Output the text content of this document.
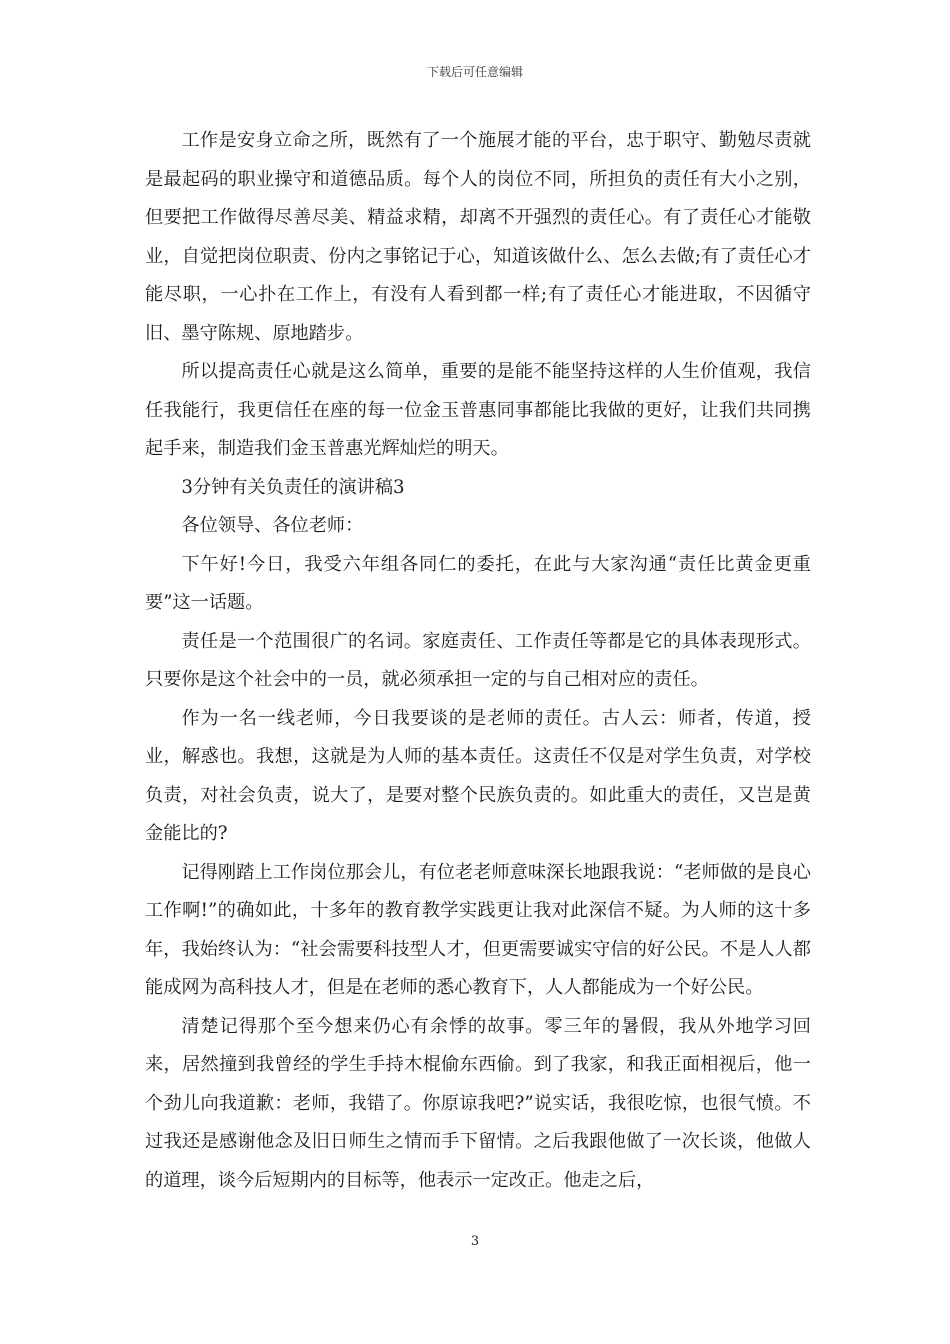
下载后可任意编辑

工作是安身立命之所，既然有了一个施展才能的平台，忠于职守、勤勉尽责就是最起码的职业操守和道德品质。每个人的岗位不同，所担负的责任有大小之别，但要把工作做得尽善尽美、精益求精，却离不开强烈的责任心。有了责任心才能敬业，自觉把岗位职责、份内之事铭记于心，知道该做什么、怎么去做;有了责任心才能尽职，一心扑在工作上，有没有人看到都一样;有了责任心才能进取，不因循守旧、墨守陈规、原地踏步。

所以提高责任心就是这么简单，重要的是能不能坚持这样的人生价值观，我信任我能行，我更信任在座的每一位金玉普惠同事都能比我做的更好，让我们共同携起手来，制造我们金玉普惠光辉灿烂的明天。

3分钟有关负责任的演讲稿3

各位领导、各位老师：

下午好!今日，我受六年组各同仁的委托，在此与大家沟通“责任比黄金更重要”这一话题。

责任是一个范围很广的名词。家庭责任、工作责任等都是它的具体表现形式。只要你是这个社会中的一员，就必须承担一定的与自己相对应的责任。

作为一名一线老师，今日我要谈的是老师的责任。古人云：师者，传道，授业，解惑也。我想，这就是为人师的基本责任。这责任不仅是对学生负责，对学校负责，对社会负责，说大了，是要对整个民族负责的。如此重大的责任，又岂是黄金能比的?

记得刚踏上工作岗位那会儿，有位老老师意味深长地跟我说：“老师做的是良心工作啊!”的确如此，十多年的教育教学实践更让我对此深信不疑。为人师的这十多年，我始终认为：“社会需要科技型人才，但更需要诚实守信的好公民。不是人人都能成网为高科技人才，但是在老师的悉心教育下，人人都能成为一个好公民。

清楚记得那个至今想来仍心有余悸的故事。零三年的暑假，我从外地学习回来，居然撞到我曾经的学生手持木棍偷东西偷。到了我家，和我正面相视后，他一个劲儿向我道歉：老师，我错了。你原谅我吧?”说实话，我很吃惊，也很气愤。不过我还是感谢他念及旧日师生之情而手下留情。之后我跟他做了一次长谈，他做人的道理，谈今后短期内的目标等，他表示一定改正。他走之后，

3
